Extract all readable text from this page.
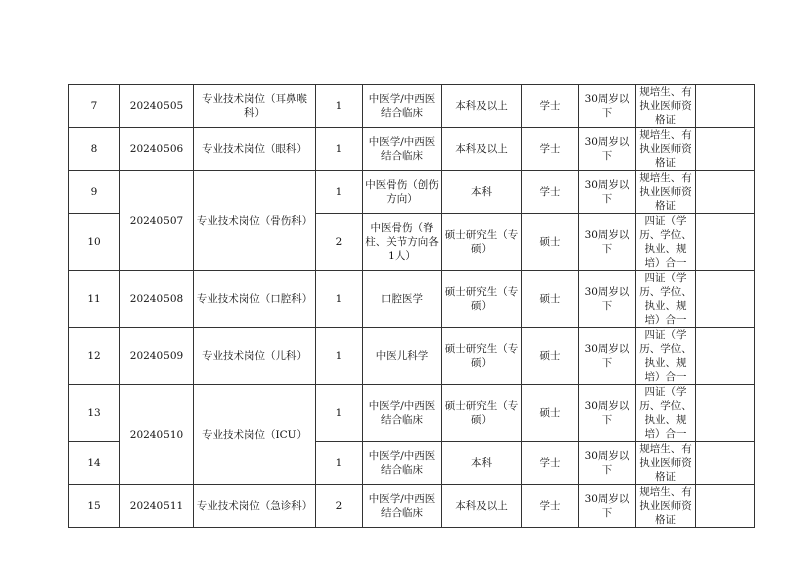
7	20240505	专业技术岗位（耳鼻喉科）	1	中医学/中西医结合临床	本科及以上	学士	30周岁以下	规培生、有执业医师资格证	
8	20240506	专业技术岗位（眼科）	1	中医学/中西医结合临床	本科及以上	学士	30周岁以下	规培生、有执业医师资格证	
9	20240507	专业技术岗位（骨伤科）	1	中医骨伤（创伤方向）	本科	学士	30周岁以下	规培生、有执业医师资格证	
10			2	中医骨伤（脊柱、关节方向各1人）	硕士研究生（专硕）	硕士	30周岁以下	四证（学历、学位、执业、规培）合一	
11	20240508	专业技术岗位（口腔科）	1	口腔医学	硕士研究生（专硕）	硕士	30周岁以下	四证（学历、学位、执业、规培）合一	
12	20240509	专业技术岗位（儿科）	1	中医儿科学	硕士研究生（专硕）	硕士	30周岁以下	四证（学历、学位、执业、规培）合一	
13	20240510	专业技术岗位（ICU）	1	中医学/中西医结合临床	硕士研究生（专硕）	硕士	30周岁以下	四证（学历、学位、执业、规培）合一	
14			1	中医学/中西医结合临床	本科	学士	30周岁以下	规培生、有执业医师资格证	
15	20240511	专业技术岗位（急诊科）	2	中医学/中西医结合临床	本科及以上	学士	30周岁以下	规培生、有执业医师资格证	
